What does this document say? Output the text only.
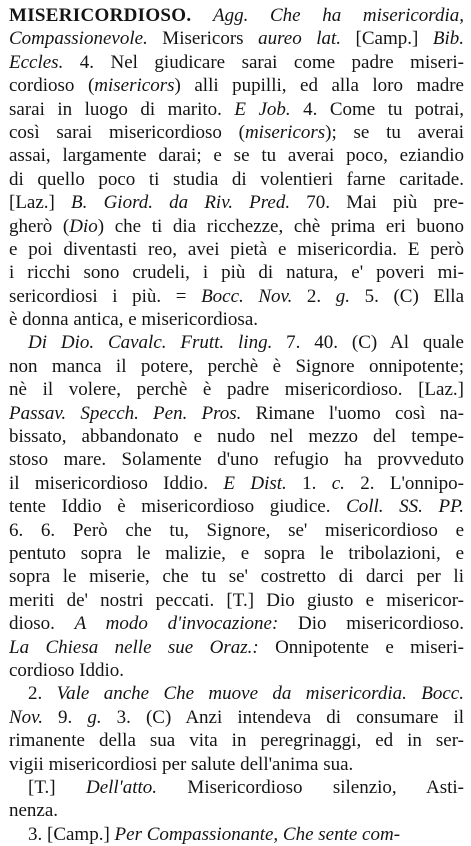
MISERICORDIOSO. Agg. Che ha misericordia,
Compassionevole. Misericors aureo lat. [Camp.] Bib.
Eccles. 4. Nel giudicare sarai come padre miseri-
cordioso (misericors) alli pupilli, ed alla loro madre
sarai in luogo di marito. E Job. 4. Come tu potrai,
così sarai misericordioso (misericors); se tu averai
assai, largamente darai; e se tu averai poco, eziandio
di quello poco ti studia di volentieri farne caritade.
[Laz.] B. Giord. da Riv. Pred. 70. Mai più pre-
gherò (Dio) che ti dia ricchezze, chè prima eri buono
e poi diventasti reo, avei pietà e misericordia. E però
i ricchi sono crudeli, i più di natura, e' poveri mi-
sericordiosi i più. = Bocc. Nov. 2. g. 5. (C) Ella
è donna antica, e misericordiosa.
Di Dio. Cavalc. Frutt. ling. 7. 40. (C) Al quale
non manca il potere, perchè è Signore onnipotente;
nè il volere, perchè è padre misericordioso. [Laz.]
Passav. Specch. Pen. Pros. Rimane l'uomo così na-
bissato, abbandonato e nudo nel mezzo del tempe-
stoso mare. Solamente d'uno refugio ha provveduto
il misericordioso Iddio. E Dist. 1. c. 2. L'onnipo-
tente Iddio è misericordioso giudice. Coll. SS. PP.
6. 6. Però che tu, Signore, se' misericordioso e
pentuto sopra le malizie, e sopra le tribolazioni, e
sopra le miserie, che tu se' costretto di darci per li
meriti de' nostri peccati. [T.] Dio giusto e misericor-
dioso. A modo d'invocazione: Dio misericordioso.
La Chiesa nelle sue Oraz.: Onnipotente e miseri-
cordioso Iddio.
2. Vale anche Che muove da misericordia. Bocc.
Nov. 9. g. 3. (C) Anzi intendeva di consumare il
rimanente della sua vita in peregrinaggi, ed in ser-
vigii misericordiosi per salute dell'anima sua.
[T.] Dell'atto. Misericordioso silenzio, Asti-
nenza.
3. [Camp.] Per Compassionante, Che sente com-
